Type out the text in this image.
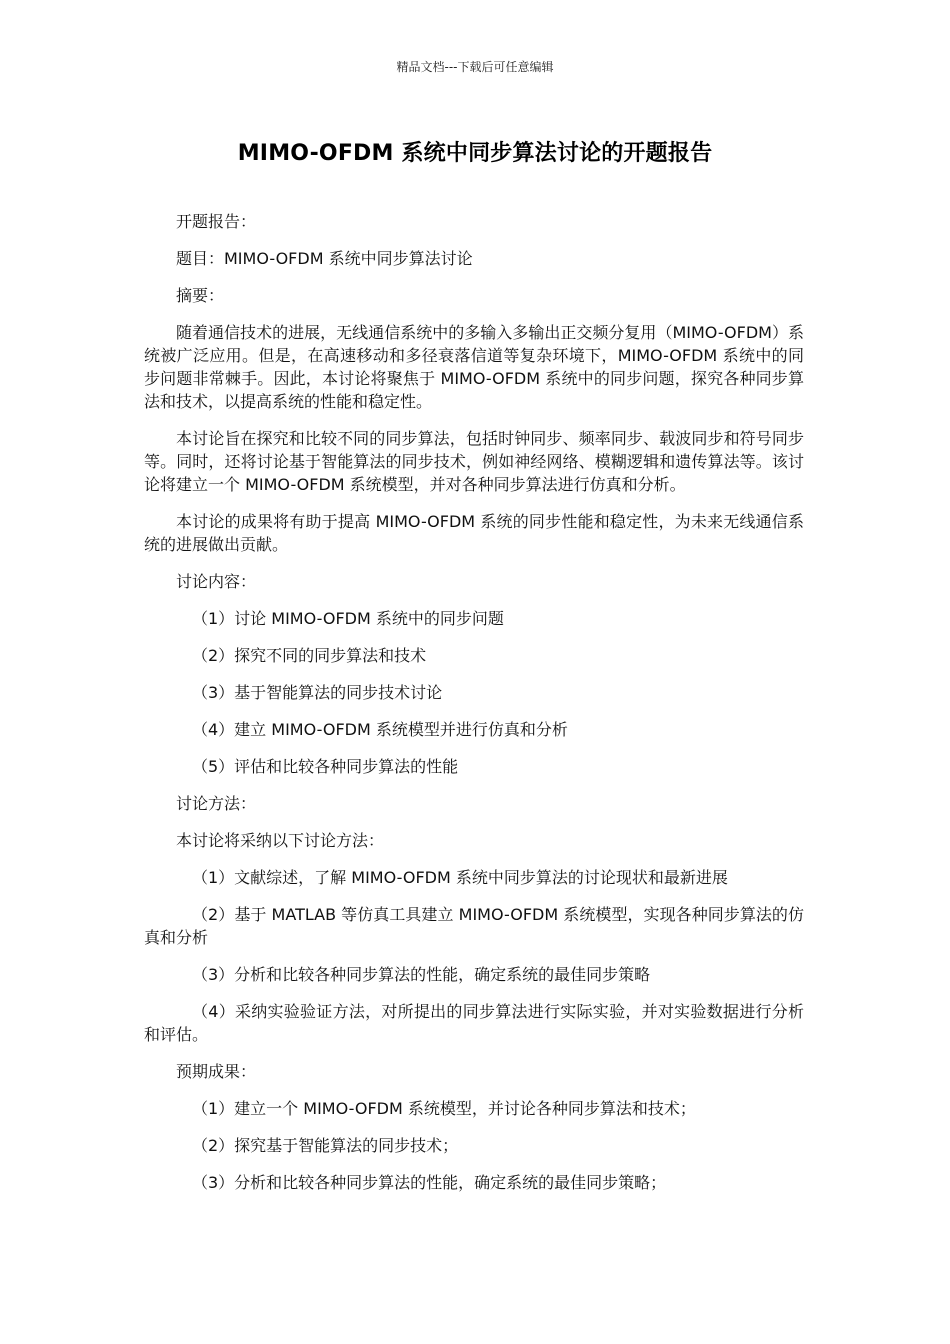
精品文档---下载后可任意编辑
MIMO-OFDM 系统中同步算法讨论的开题报告

开题报告：

题目：MIMO-OFDM 系统中同步算法讨论

摘要：

随着通信技术的进展，无线通信系统中的多输入多输出正交频分复用（MIMO-OFDM）系统被广泛应用。但是，在高速移动和多径衰落信道等复杂环境下，MIMO-OFDM 系统中的同步问题非常棘手。因此，本讨论将聚焦于 MIMO-OFDM 系统中的同步问题，探究各种同步算法和技术，以提高系统的性能和稳定性。

本讨论旨在探究和比较不同的同步算法，包括时钟同步、频率同步、载波同步和符号同步等。同时，还将讨论基于智能算法的同步技术，例如神经网络、模糊逻辑和遗传算法等。该讨论将建立一个 MIMO-OFDM 系统模型，并对各种同步算法进行仿真和分析。

本讨论的成果将有助于提高 MIMO-OFDM 系统的同步性能和稳定性，为未来无线通信系统的进展做出贡献。

讨论内容：

（1）讨论 MIMO-OFDM 系统中的同步问题

（2）探究不同的同步算法和技术

（3）基于智能算法的同步技术讨论

（4）建立 MIMO-OFDM 系统模型并进行仿真和分析

（5）评估和比较各种同步算法的性能

讨论方法：

本讨论将采纳以下讨论方法：

（1）文献综述，了解 MIMO-OFDM 系统中同步算法的讨论现状和最新进展

（2）基于 MATLAB 等仿真工具建立 MIMO-OFDM 系统模型，实现各种同步算法的仿真和分析

（3）分析和比较各种同步算法的性能，确定系统的最佳同步策略

（4）采纳实验验证方法，对所提出的同步算法进行实际实验，并对实验数据进行分析和评估。

预期成果：

（1）建立一个 MIMO-OFDM 系统模型，并讨论各种同步算法和技术；

（2）探究基于智能算法的同步技术；

（3）分析和比较各种同步算法的性能，确定系统的最佳同步策略；
